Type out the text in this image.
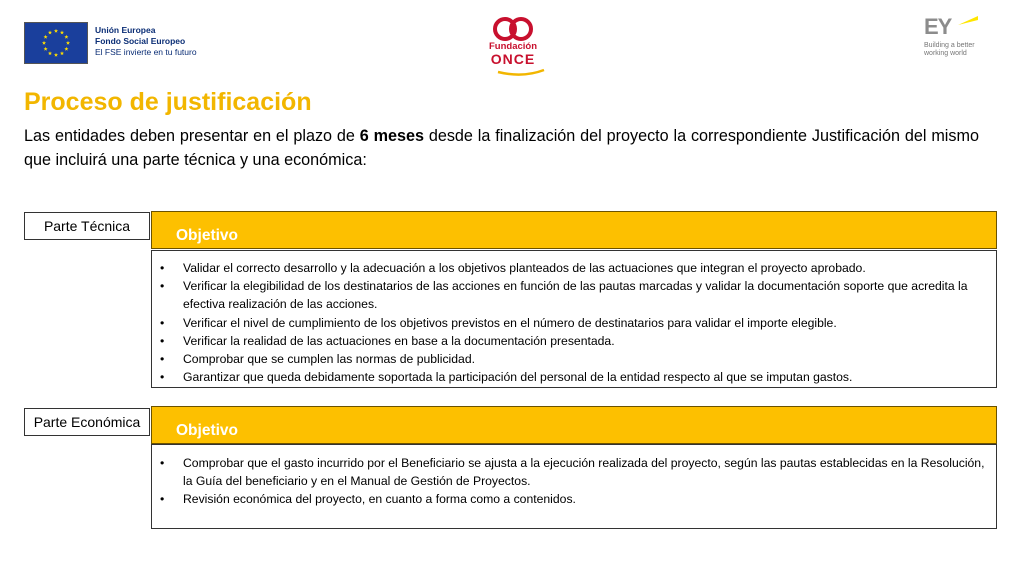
Unión Europea
Fondo Social Europeo
El FSE invierte en tu futuro	Fundación
ONCE
EY
Building a better
working world
Proceso de justificación

Las entidades deben presentar en el plazo de 6 meses desde la finalización del proyecto la correspondiente Justificación del mismo que incluirá una parte técnica y una económica:

Parte Técnica
• Validar el correcto desarrollo y la adecuación a los objetivos planteados de las actuaciones que integran el proyecto aprobado.
• Verificar la elegibilidad de los destinatarios de las acciones en función de las pautas marcadas y validar la documentación soporte que acredita la efectiva realización de las acciones.
• Verificar el nivel de cumplimiento de los objetivos previstos en el número de destinatarios para validar el importe elegible.
• Verificar la realidad de las actuaciones en base a la documentación presentada.
• Comprobar que se cumplen las normas de publicidad.
• Garantizar que queda debidamente soportada la participación del personal de la entidad respecto al que se imputan gastos.
Objetivo
Parte Económica
• Comprobar que el gasto incurrido por el Beneficiario se ajusta a la ejecución realizada del proyecto, según las pautas establecidas en la Resolución, la Guía del beneficiario y en el Manual de Gestión de Proyectos.
• Revisión económica del proyecto, en cuanto a forma como a contenidos.
Objetivo
